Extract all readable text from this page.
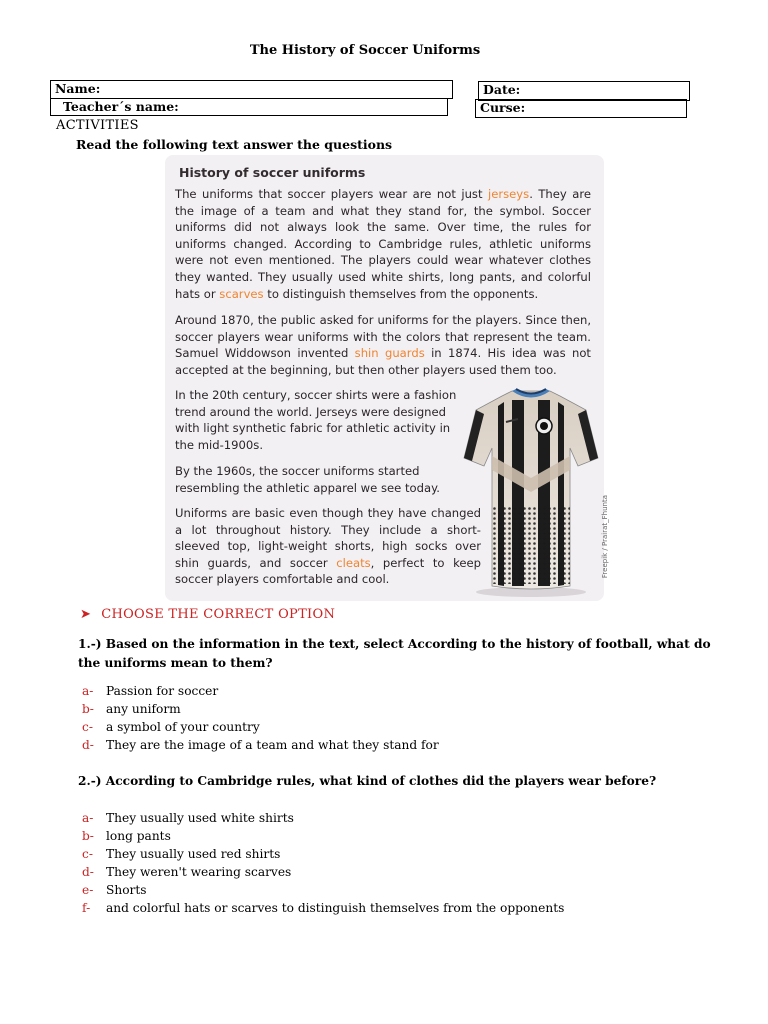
The History of Soccer Uniforms
Name:
Teacher´s name:
Date:
Curse:
ACTIVITIES
Read the following text answer the questions
History of soccer uniforms

The uniforms that soccer players wear are not just jerseys. They are the image of a team and what they stand for, the symbol. Soccer uniforms did not always look the same. Over time, the rules for uniforms changed. According to Cambridge rules, athletic uniforms were not even mentioned. The players could wear whatever clothes they wanted. They usually used white shirts, long pants, and colorful hats or scarves to distinguish themselves from the opponents.

Around 1870, the public asked for uniforms for the players. Since then, soccer players wear uniforms with the colors that represent the team. Samuel Widdowson invented shin guards in 1874. His idea was not accepted at the beginning, but then other players used them too.

In the 20th century, soccer shirts were a fashion trend around the world. Jerseys were designed with light synthetic fabric for athletic activity in the mid-1900s.

By the 1960s, the soccer uniforms started resembling the athletic apparel we see today.

Uniforms are basic even though they have changed a lot throughout history. They include a short-sleeved top, light-weight shorts, high socks over shin guards, and soccer cleats, perfect to keep soccer players comfortable and cool.

Freepik / Prairat_Fhunta
➤ CHOOSE THE CORRECT OPTION

1.-) Based on the information in the text, select According to the history of football, what do the uniforms mean to them?

a-	Passion for soccer
b- any uniform
c-	a symbol of your country
d- They are the image of a team and what they stand for

2.-) According to Cambridge rules, what kind of clothes did the players wear before?

a-	They usually used white shirts
b- long pants
c-	They usually used red shirts
d- They weren't wearing scarves
e-	Shorts
f-	and colorful hats or scarves to distinguish themselves from the opponents
